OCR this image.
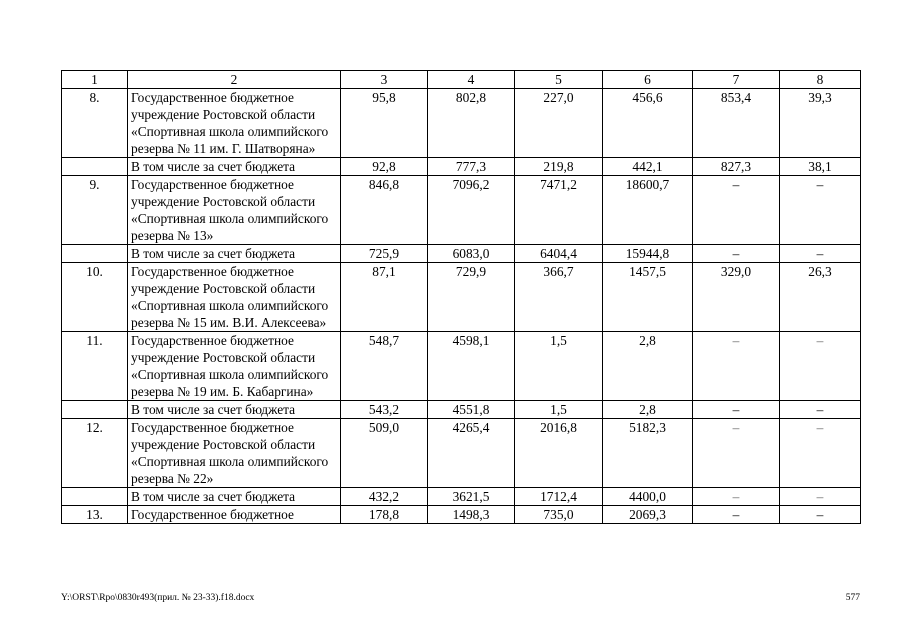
1	2	3	4	5	6	7	8
8.	Государственное бюджетное учреждение Ростовской области «Спортивная школа олимпийского резерва № 11 им. Г. Шатворяна»	95,8	802,8	227,0	456,6	853,4	39,3
	В том числе за счет бюджета	92,8	777,3	219,8	442,1	827,3	38,1
9.	Государственное бюджетное учреждение Ростовской области «Спортивная школа олимпийского резерва № 13»	846,8	7096,2	7471,2	18600,7	–	–
	В том числе за счет бюджета	725,9	6083,0	6404,4	15944,8	–	–
10.	Государственное бюджетное учреждение Ростовской области «Спортивная школа олимпийского резерва № 15 им. В.И. Алексеева»	87,1	729,9	366,7	1457,5	329,0	26,3
11.	Государственное бюджетное учреждение Ростовской области «Спортивная школа олимпийского резерва № 19 им. Б. Кабаргина»	548,7	4598,1	1,5	2,8	–	–
	В том числе за счет бюджета	543,2	4551,8	1,5	2,8	–	–
12.	Государственное бюджетное учреждение Ростовской области «Спортивная школа олимпийского резерва № 22»	509,0	4265,4	2016,8	5182,3	–	–
	В том числе за счет бюджета	432,2	3621,5	1712,4	4400,0	–	–
13.	Государственное бюджетное	178,8	1498,3	735,0	2069,3	–	–
Y:\ORST\Rpo\0830r493(прил. № 23-33).f18.docx	577
